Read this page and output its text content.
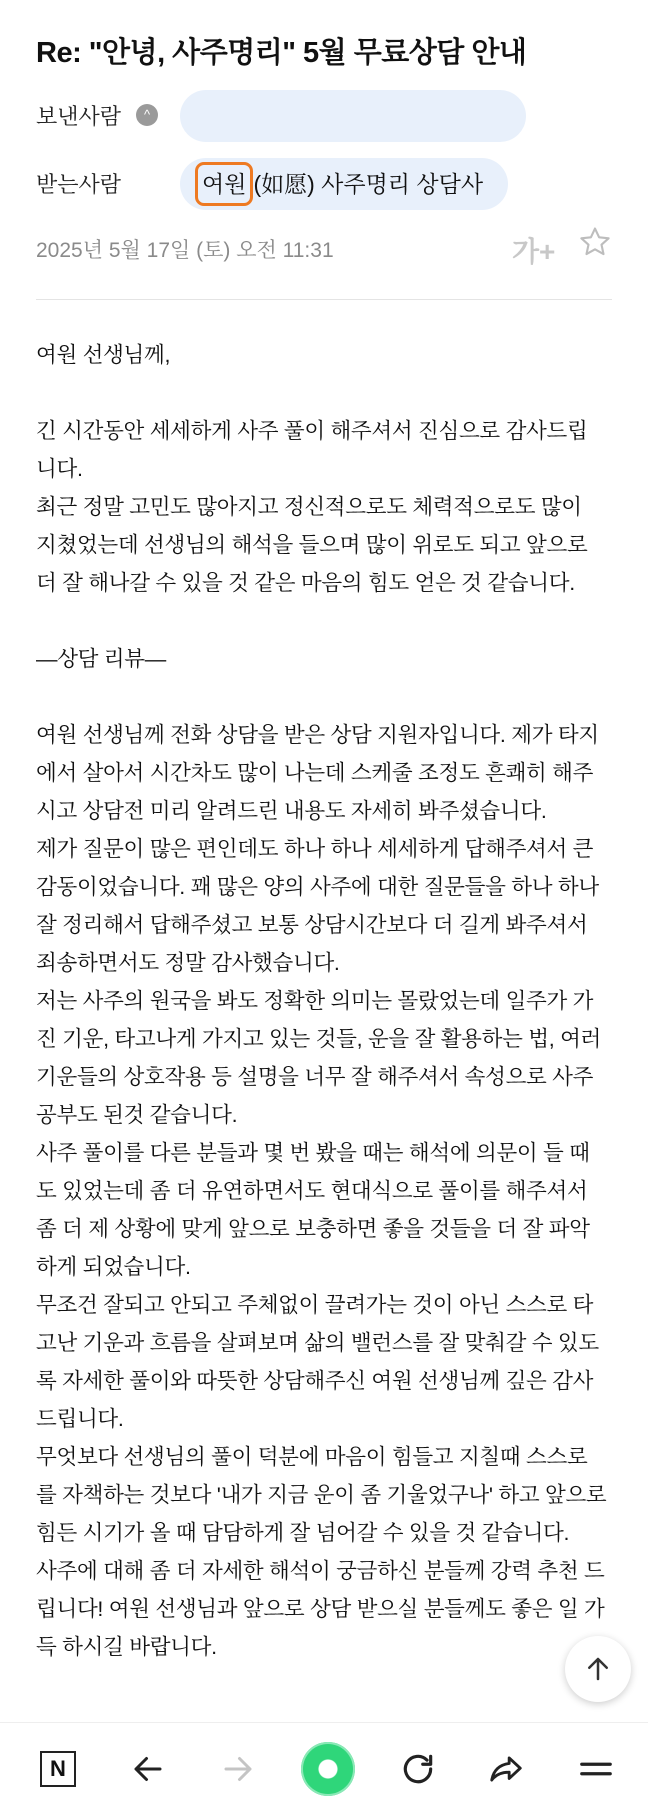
Re: "안녕, 사주명리" 5월 무료상담 안내
보낸사람	^
받는사람	여원 (如愿) 사주명리 상담사
2025년 5월 17일 (토) 오전 11:31	가+

여원 선생님께,

긴 시간동안 세세하게 사주 풀이 해주셔서 진심으로 감사드립
니다.
최근 정말 고민도 많아지고 정신적으로도 체력적으로도 많이
지쳤었는데 선생님의 해석을 들으며 많이 위로도 되고 앞으로
더 잘 해나갈 수 있을 것 같은 마음의 힘도 얻은 것 같습니다.

—상담 리뷰—

여원 선생님께 전화 상담을 받은 상담 지원자입니다. 제가 타지
에서 살아서 시간차도 많이 나는데 스케줄 조정도 흔쾌히 해주
시고 상담전 미리 알려드린 내용도 자세히 봐주셨습니다.
제가 질문이 많은 편인데도 하나 하나 세세하게 답해주셔서 큰
감동이었습니다. 꽤 많은 양의 사주에 대한 질문들을 하나 하나
잘 정리해서 답해주셨고 보통 상담시간보다 더 길게 봐주셔서
죄송하면서도 정말 감사했습니다.
저는 사주의 원국을 봐도 정확한 의미는 몰랐었는데 일주가 가
진 기운, 타고나게 가지고 있는 것들, 운을 잘 활용하는 법, 여러
기운들의 상호작용 등 설명을 너무 잘 해주셔서 속성으로 사주
공부도 된것 같습니다.
사주 풀이를 다른 분들과 몇 번 봤을 때는 해석에 의문이 들 때
도 있었는데 좀 더 유연하면서도 현대식으로 풀이를 해주셔서
좀 더 제 상황에 맞게 앞으로 보충하면 좋을 것들을 더 잘 파악
하게 되었습니다.
무조건 잘되고 안되고 주체없이 끌려가는 것이 아닌 스스로 타
고난 기운과 흐름을 살펴보며 삶의 밸런스를 잘 맞춰갈 수 있도
록 자세한 풀이와 따뜻한 상담해주신 여원 선생님께 깊은 감사
드립니다.
무엇보다 선생님의 풀이 덕분에 마음이 힘들고 지칠때 스스로
를 자책하는 것보다 '내가 지금 운이 좀 기울었구나' 하고 앞으로
힘든 시기가 올 때 담담하게 잘 넘어갈 수 있을 것 같습니다.
사주에 대해 좀 더 자세한 해석이 궁금하신 분들께 강력 추천 드
립니다! 여원 선생님과 앞으로 상담 받으실 분들께도 좋은 일 가
득 하시길 바랍니다.

N
